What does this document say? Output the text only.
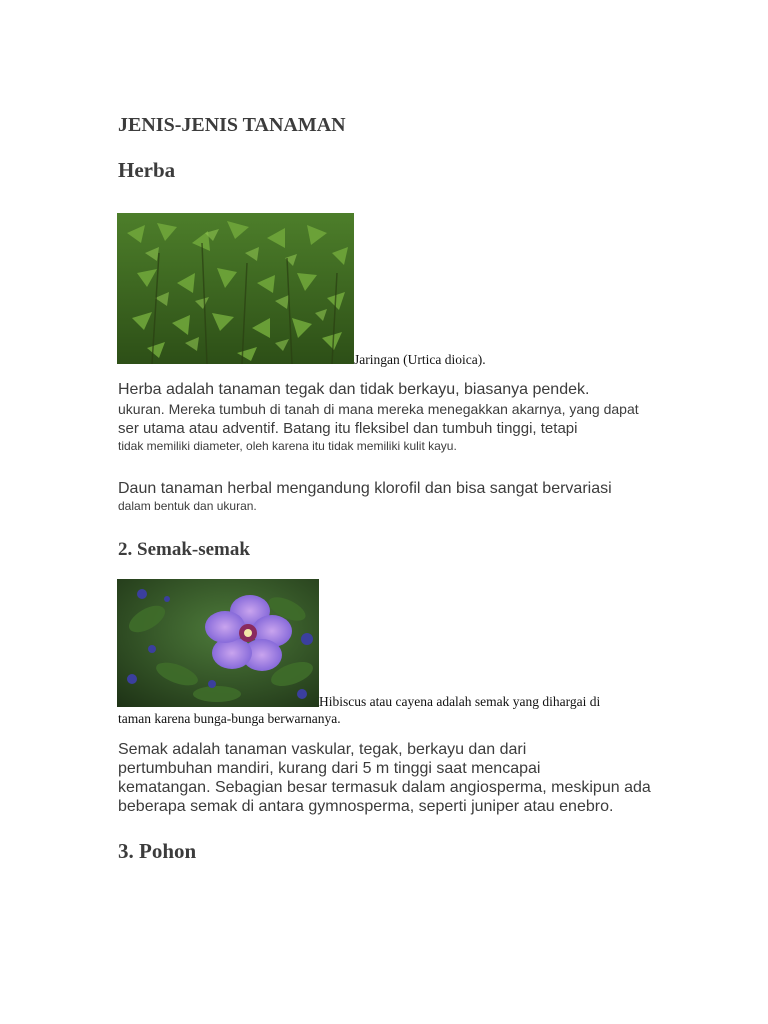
JENIS-JENIS TANAMAN
Herba
Jaringan (Urtica dioica).
Herba adalah tanaman tegak dan tidak berkayu, biasanya pendek.
ukuran. Mereka tumbuh di tanah di mana mereka menegakkan akarnya, yang dapat
ser utama atau adventif. Batang itu fleksibel dan tumbuh tinggi, tetapi
tidak memiliki diameter, oleh karena itu tidak memiliki kulit kayu.
Daun tanaman herbal mengandung klorofil dan bisa sangat bervariasi
dalam bentuk dan ukuran.
2. Semak-semak
Hibiscus atau cayena adalah semak yang dihargai di
taman karena bunga-bunga berwarnanya.
Semak adalah tanaman vaskular, tegak, berkayu dan dari
pertumbuhan mandiri, kurang dari 5 m tinggi saat mencapai
kematangan. Sebagian besar termasuk dalam angiosperma, meskipun ada
beberapa semak di antara gymnosperma, seperti juniper atau enebro.
3. Pohon
